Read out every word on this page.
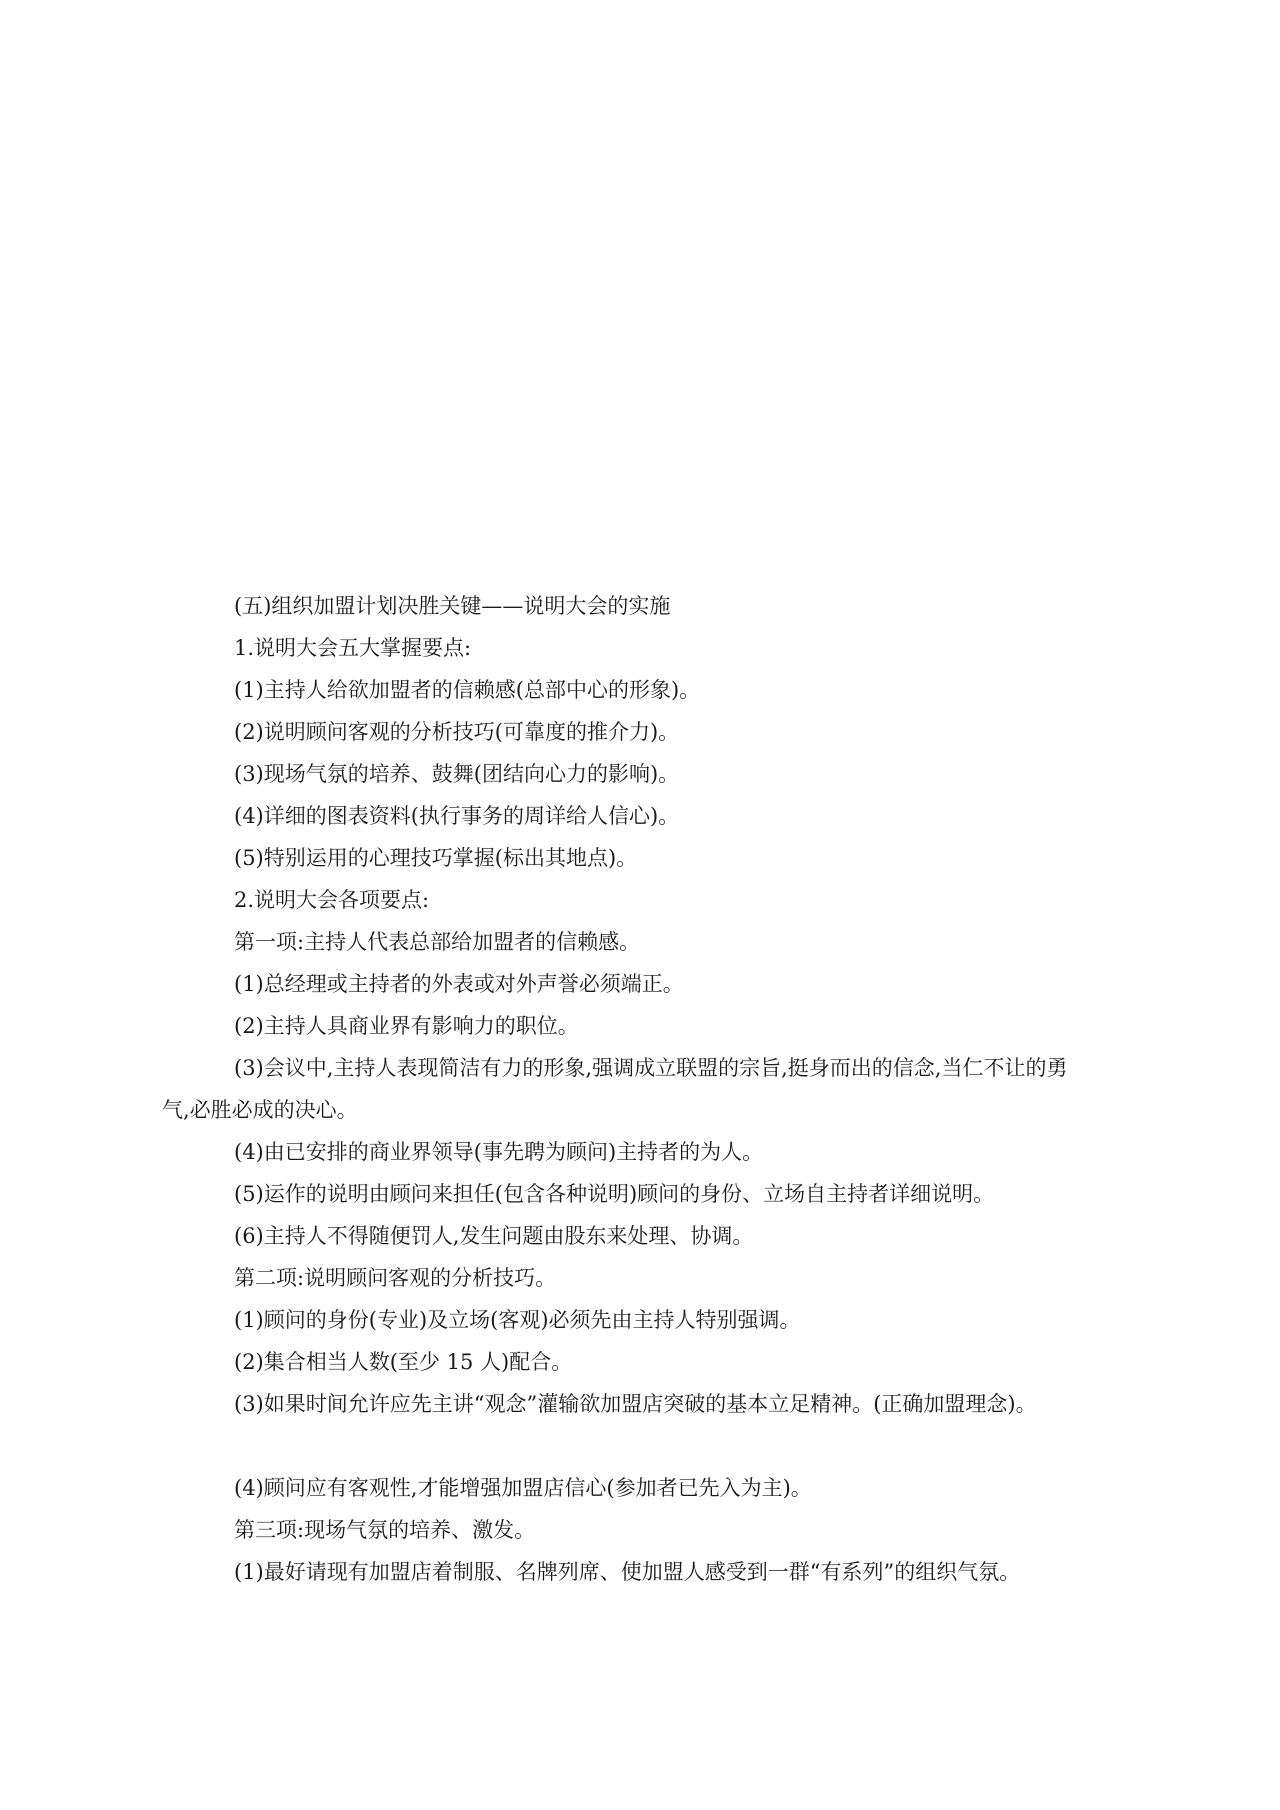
(五)组织加盟计划决胜关键——说明大会的实施
1.说明大会五大掌握要点:
(1)主持人给欲加盟者的信赖感(总部中心的形象)。
(2)说明顾问客观的分析技巧(可靠度的推介力)。
(3)现场气氛的培养、鼓舞(团结向心力的影响)。
(4)详细的图表资料(执行事务的周详给人信心)。
(5)特别运用的心理技巧掌握(标出其地点)。
2.说明大会各项要点:
第一项:主持人代表总部给加盟者的信赖感。
(1)总经理或主持者的外表或对外声誉必须端正。
(2)主持人具商业界有影响力的职位。
(3)会议中,主持人表现简洁有力的形象,强调成立联盟的宗旨,挺身而出的信念,当仁不让的勇气,必胜必成的决心。
(4)由已安排的商业界领导(事先聘为顾问)主持者的为人。
(5)运作的说明由顾问来担任(包含各种说明)顾问的身份、立场自主持者详细说明。
(6)主持人不得随便罚人,发生问题由股东来处理、协调。
第二项:说明顾问客观的分析技巧。
(1)顾问的身份(专业)及立场(客观)必须先由主持人特别强调。
(2)集合相当人数(至少 15 人)配合。
(3)如果时间允许应先主讲“观念”灌输欲加盟店突破的基本立足精神。(正确加盟理念)。
(4)顾问应有客观性,才能增强加盟店信心(参加者已先入为主)。
第三项:现场气氛的培养、激发。
(1)最好请现有加盟店着制服、名牌列席、使加盟人感受到一群“有系列”的组织气氛。
